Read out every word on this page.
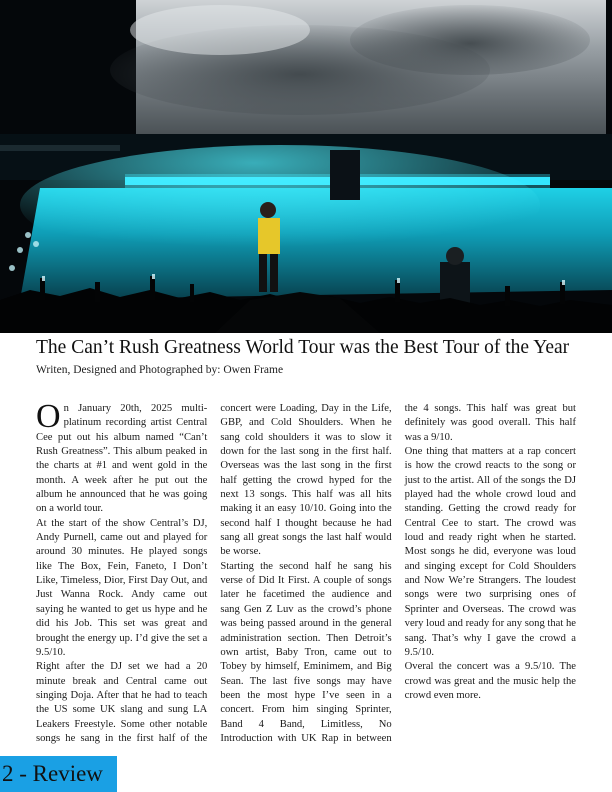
The Can’t Rush Greatness World Tour was the Best Tour of the Year
Writen, Designed and Photographed by: Owen Frame

On January 20th, 2025 multi-platinum recording artist Central Cee put out his album named “Can’t Rush Greatness”. This album peaked in the charts at #1 and went gold in the month. A week after he put out the album he announced that he was going on a world tour.

At the start of the show Central’s DJ, Andy Purnell, came out and played for around 30 minutes. He played songs like The Box, Fein, Faneto, I Don’t Like, Timeless, Dior, First Day Out, and Just Wanna Rock. Andy came out saying he wanted to get us hype and he did his Job. This set was great and brought the energy up. I’d give the set a 9.5/10.

Right after the DJ set we had a 20 minute break and Central came out singing Doja. After that he had to teach the US some UK slang and sung LA Leakers Freestyle. Some other notable songs he sang in the first half of the concert were Loading, Day in the Life, GBP, and Cold Shoulders. When he sang cold shoulders it was to slow it down for the last song in the first half. Overseas was the last song in the first half getting the crowd hyped for the next 13 songs. This half was all hits making it an easy 10/10. Going into the second half I thought because he had sang all great songs the last half would be worse.

Starting the second half he sang his verse of Did It First. A couple of songs later he facetimed the audience and sang Gen Z Luv as the crowd’s phone was being passed around in the general administration section. Then Detroit’s own artist, Baby Tron, came out to Tobey by himself, Eminimem, and Big Sean. The last five songs may have been the most hype I’ve seen in a concert. From him singing Sprinter, Band 4 Band, Limitless, No Introduction with UK Rap in between the 4 songs. This half was great but definitely was good overall. This half was a 9/10.

One thing that matters at a rap concert is how the crowd reacts to the song or just to the artist. All of the songs the DJ played had the whole crowd loud and standing. Getting the crowd ready for Central Cee to start. The crowd was loud and ready right when he started. Most songs he did, everyone was loud and singing except for Cold Shoulders and Now We’re Strangers. The loudest songs were two surprising ones of Sprinter and Overseas. The crowd was very loud and ready for any song that he sang. That’s why I gave the crowd a 9.5/10.

Overal the concert was a 9.5/10. The crowd was great and the music help the crowd even more.

2 - Review
